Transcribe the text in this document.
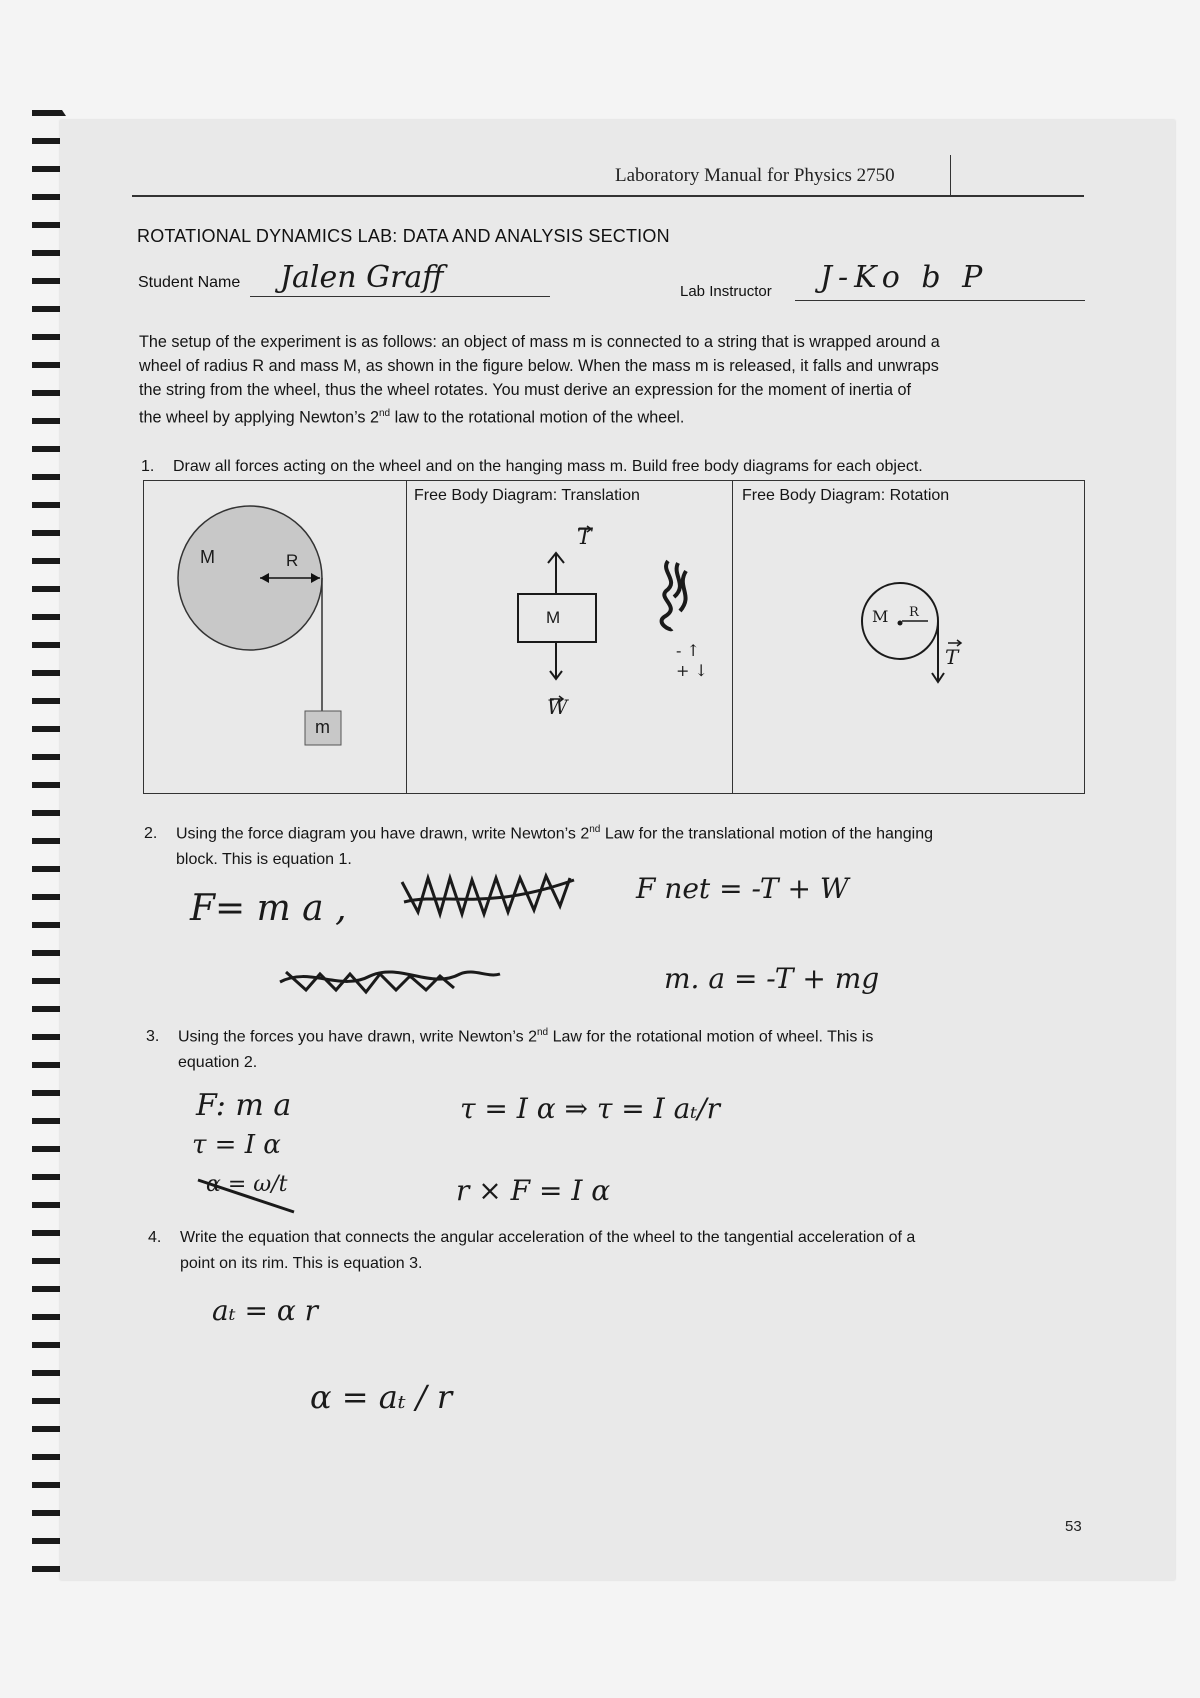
Laboratory Manual for Physics 2750
ROTATIONAL DYNAMICS LAB: DATA AND ANALYSIS SECTION
Student Name Jalen Graff	Lab Instructor J-Ko b P
The setup of the experiment is as follows: an object of mass m is connected to a string that is wrapped around a
wheel of radius R and mass M, as shown in the figure below. When the mass m is released, it falls and unwraps
the string from the wheel, thus the wheel rotates. You must derive an expression for the moment of inertia of
the wheel by applying Newton’s 2nd law to the rotational motion of the wheel.
1. Draw all forces acting on the wheel and on the hanging mass m. Build free body diagrams for each object.
M	R
m
Free Body Diagram: Translation
M
T
W
- ↑
+ ↓
Free Body Diagram: Rotation
M R
T
2. Using the force diagram you have drawn, write Newton’s 2nd Law for the translational motion of the hanging
block. This is equation 1.
F= m a ,	F net = -T + W
m. a = -T + mg
3. Using the forces you have drawn, write Newton’s 2nd Law for the rotational motion of wheel. This is
equation 2.
F: m a
τ = I α
α = ω/t
τ = I α ⇒ τ = I aₜ/r
r × F = I α
4. Write the equation that connects the angular acceleration of the wheel to the tangential acceleration of a
point on its rim. This is equation 3.
aₜ = α r
α = aₜ / r
53
